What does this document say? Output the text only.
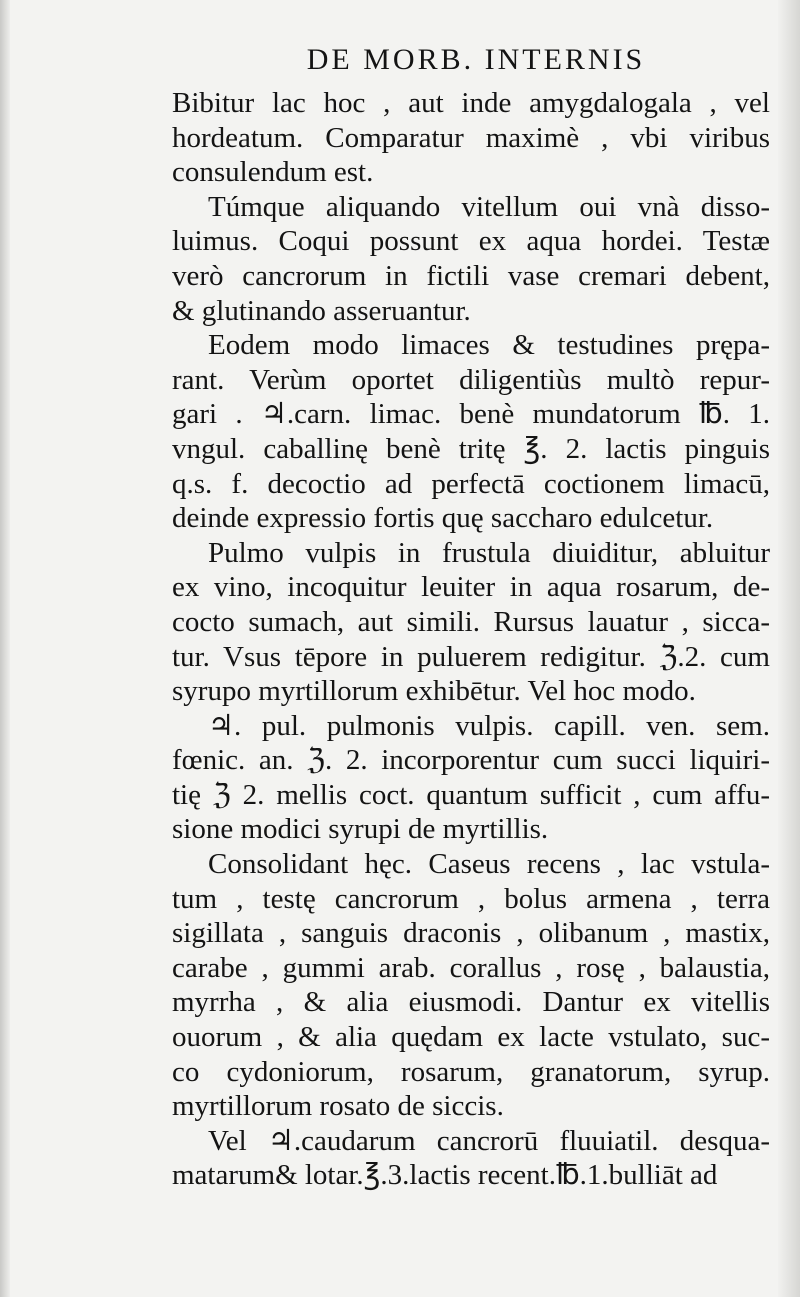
DE MORB. INTERNIS

Bibitur lac hoc , aut inde amygdalogala , vel
hordeatum. Comparatur maximè , vbi viribus
consulendum est.

Túmque aliquando vitellum oui vnà disso-
luimus. Coqui possunt ex aqua hordei. Testæ
verò cancrorum in fictili vase cremari debent,
& glutinando asseruantur.

Eodem modo limaces & testudines prępa-
rant. Verùm oportet diligentiùs multò repur-
gari . ♃.carn. limac. benè mundatorum ℔. 1.
vngul. caballinę benè tritę ℥. 2. lactis pinguis
q.s. f. decoctio ad perfectā coctionem limacū,
deinde expressio fortis quę saccharo edulcetur.

Pulmo vulpis in frustula diuiditur, abluitur
ex vino, incoquitur leuiter in aqua rosarum, de-
cocto sumach, aut simili. Rursus lauatur , sicca-
tur. Vsus tēpore in puluerem redigitur. ℨ.2. cum
syrupo myrtillorum exhibētur. Vel hoc modo.

♃. pul. pulmonis vulpis. capill. ven. sem.
fœnic. an. ℨ. 2. incorporentur cum succi liquiri-
tię ℨ 2. mellis coct. quantum sufficit , cum affu-
sione modici syrupi de myrtillis.

Consolidant hęc. Caseus recens , lac vstula-
tum , testę cancrorum , bolus armena , terra
sigillata , sanguis draconis , olibanum , mastix,
carabe , gummi arab. corallus , rosę , balaustia,
myrrha , & alia eiusmodi. Dantur ex vitellis
ouorum , & alia quędam ex lacte vstulato, suc-
co cydoniorum, rosarum, granatorum, syrup.
myrtillorum rosato de siccis.

Vel ♃.caudarum cancrorū fluuiatil. desqua-
matarum& lotar.℥.3.lactis recent.℔.1.bulliāt ad
